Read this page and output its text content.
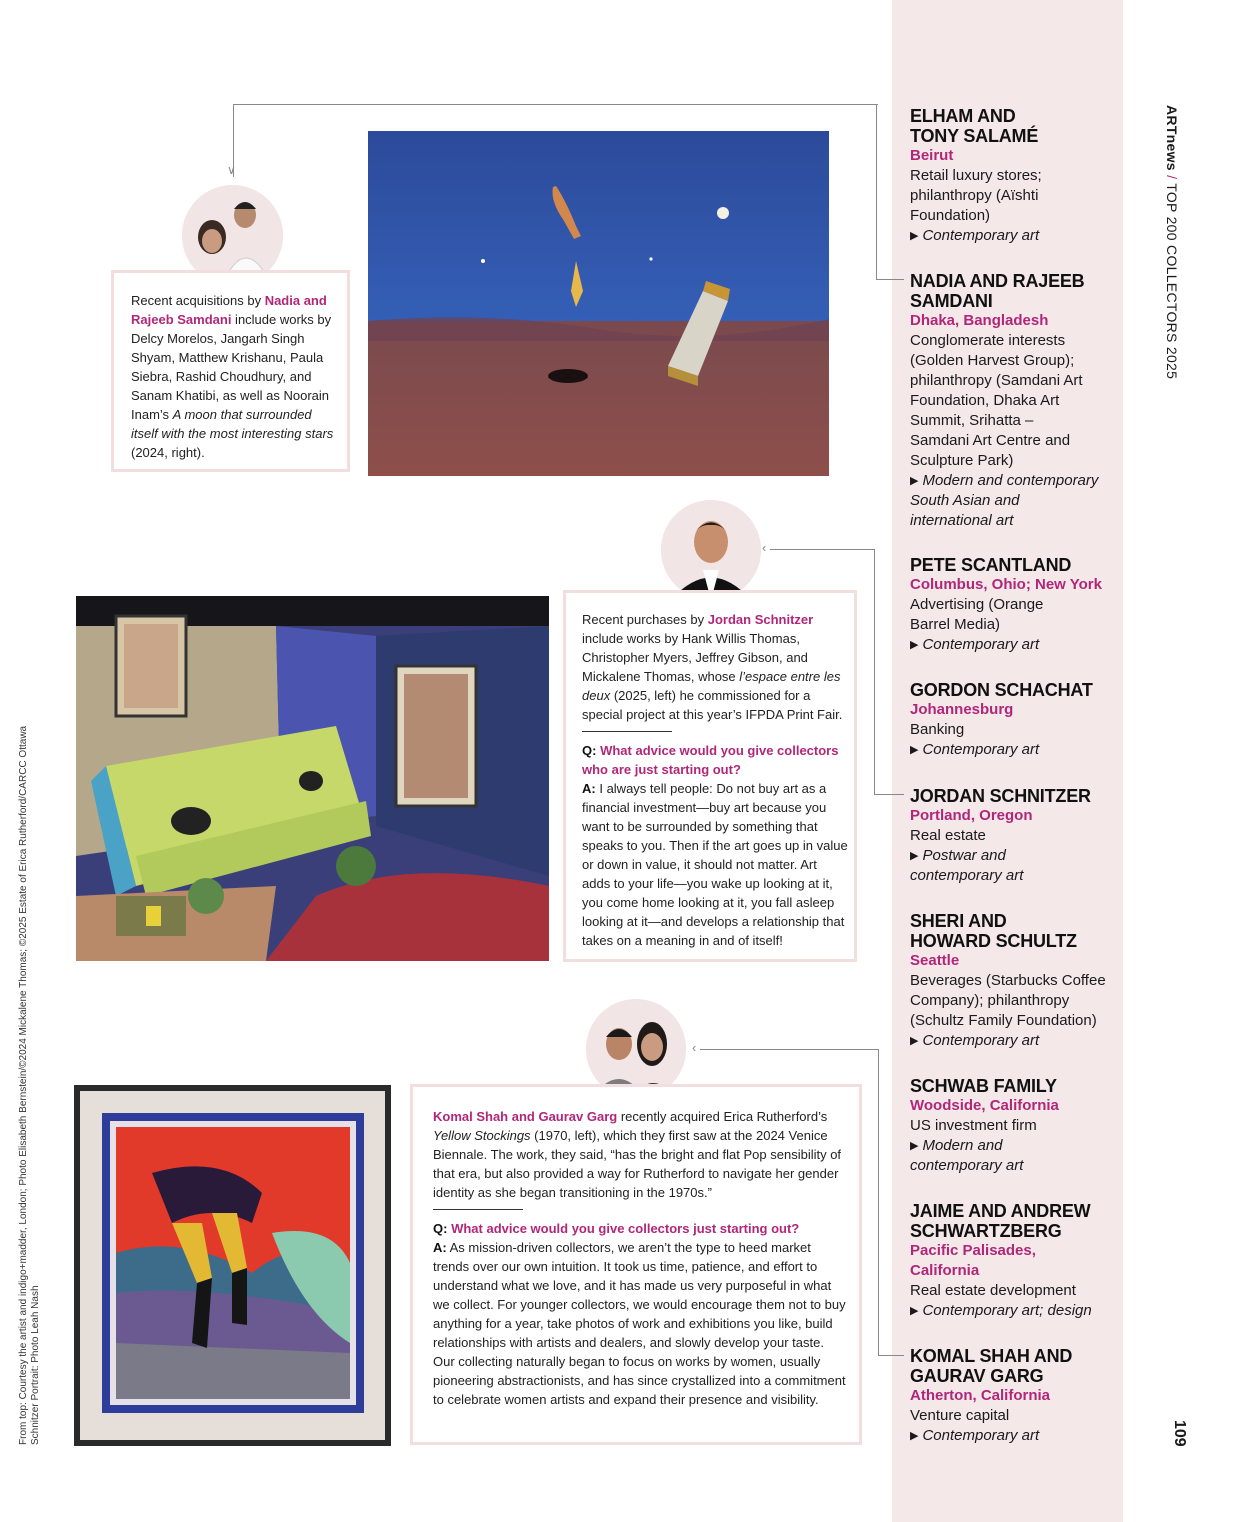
ARTnews / TOP 200 COLLECTORS 2025
109
From top: Courtesy the artist and indigo+madder, London; Photo Elisabeth Bernstein/©2024 Mickalene Thomas; ©2025 Estate of Erica Rutherford/CARCC Ottawa Schnitzer Portrait: Photo Leah Nash
ELHAM AND TONY SALAMÉ
Beirut
Retail luxury stores; philanthropy (Aïshti Foundation)
▶ Contemporary art
NADIA AND RAJEEB SAMDANI
Dhaka, Bangladesh
Conglomerate interests (Golden Harvest Group); philanthropy (Samdani Art Foundation, Dhaka Art Summit, Srihatta – Samdani Art Centre and Sculpture Park)
▶ Modern and contemporary South Asian and international art
PETE SCANTLAND
Columbus, Ohio; New York
Advertising (Orange Barrel Media)
▶ Contemporary art
GORDON SCHACHAT
Johannesburg
Banking
▶ Contemporary art
JORDAN SCHNITZER
Portland, Oregon
Real estate
▶ Postwar and contemporary art
SHERI AND HOWARD SCHULTZ
Seattle
Beverages (Starbucks Coffee Company); philanthropy (Schultz Family Foundation)
▶ Contemporary art
SCHWAB FAMILY
Woodside, California
US investment firm
▶ Modern and contemporary art
JAIME AND ANDREW SCHWARTZBERG
Pacific Palisades, California
Real estate development
▶ Contemporary art; design
KOMAL SHAH AND GAURAV GARG
Atherton, California
Venture capital
▶ Contemporary art
∨
‹
‹

Recent acquisitions by Nadia and Rajeeb Samdani include works by Delcy Morelos, Jangarh Singh Shyam, Matthew Krishanu, Paula Siebra, Rashid Choudhury, and Sanam Khatibi, as well as Noorain Inam’s A moon that surrounded itself with the most interesting stars (2024, right).

Recent purchases by Jordan Schnitzer include works by Hank Willis Thomas, Christopher Myers, Jeffrey Gibson, and Mickalene Thomas, whose l’espace entre les deux (2025, left) he commissioned for a special project at this year’s IFPDA Print Fair.

Q: What advice would you give collectors who are just starting out?

A: I always tell people: Do not buy art as a financial investment—buy art because you want to be surrounded by something that speaks to you. Then if the art goes up in value or down in value, it should not matter. Art adds to your life—you wake up looking at it, you come home looking at it, you fall asleep looking at it—and develops a relationship that takes on a meaning in and of itself!

Komal Shah and Gaurav Garg recently acquired Erica Rutherford’s Yellow Stockings (1970, left), which they first saw at the 2024 Venice Biennale. The work, they said, “has the bright and flat Pop sensibility of that era, but also provided a way for Rutherford to navigate her gender identity as she began transitioning in the 1970s.”

Q: What advice would you give collectors just starting out?

A: As mission-driven collectors, we aren’t the type to heed market trends over our own intuition. It took us time, patience, and effort to understand what we love, and it has made us very purposeful in what we collect. For younger collectors, we would encourage them not to buy anything for a year, take photos of work and exhibitions you like, build relationships with artists and dealers, and slowly develop your taste. Our collecting naturally began to focus on works by women, usually pioneering abstractionists, and has since crystallized into a commitment to celebrate women artists and expand their presence and visibility.
